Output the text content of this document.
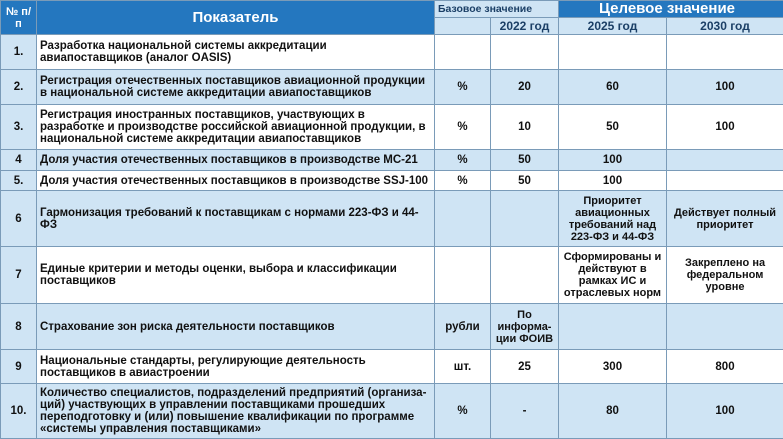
№ п/п	Показатель	Базовое значение		Целевое значение	
			2022 год	2025 год	2030 год
1.	Разработка национальной системы аккредитации авиапоставщиков (аналог OASIS)				
2.	Регистрация отечественных поставщиков авиационной продукции в национальной системе аккредитации авиапоставщиков	%	20	60	100
3.	Регистрация иностранных поставщиков, участвующих в разработке и производстве российской авиационной продукции, в национальной системе аккредитации авиапоставщиков	%	10	50	100
4	Доля участия отечественных поставщиков в производстве МС-21	%	50	100	
5.	Доля участия отечественных поставщиков в производстве SSJ-100	%	50	100	
6	Гармонизация требований к поставщикам с нормами 223-ФЗ и 44-ФЗ			Приоритет авиационных требований над 223-ФЗ и 44-ФЗ	Действует полный приоритет
7	Единые критерии и методы оценки, выбора и классификации поставщиков			Сформированы и действуют в рамках ИС и отраслевых норм	Закреплено на федеральном уровне
8	Страхование зон риска деятельности поставщиков	рубли	По информа-ции ФОИВ		
9	Национальные стандарты, регулирующие деятельность поставщиков в авиастроении	шт.	25	300	800
10.	Количество специалистов, подразделений предприятий (организа-ций) участвующих в управлении поставщиками прошедших переподготовку и (или) повышение квалификации по программе «системы управления поставщиками»	%	-	80	100
